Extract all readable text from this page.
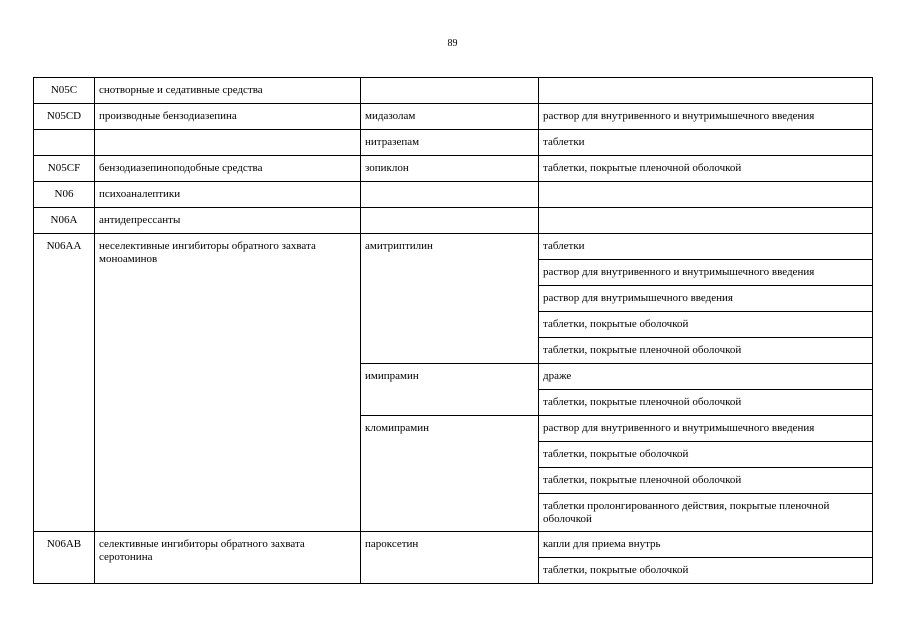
89
N05C	снотворные и седативные средства		
N05CD	производные бензодиазепина	мидазолам	раствор для внутривенного и внутримышечного введения
		нитразепам	таблетки
N05CF	бензодиазепиноподобные средства	зопиклон	таблетки, покрытые пленочной оболочкой
N06	психоаналептики		
N06A	антидепрессанты		
N06AA	неселективные ингибиторы обратного захвата моноаминов	амитриптилин	таблетки
			раствор для внутривенного и внутримышечного введения
			раствор для внутримышечного введения
			таблетки, покрытые оболочкой
			таблетки, покрытые пленочной оболочкой
		имипрамин	драже
			таблетки, покрытые пленочной оболочкой
		кломипрамин	раствор для внутривенного и внутримышечного введения
			таблетки, покрытые оболочкой
			таблетки, покрытые пленочной оболочкой
			таблетки пролонгированного действия, покрытые пленочной оболочкой
N06AB	селективные ингибиторы обратного захвата серотонина	пароксетин	капли для приема внутрь
			таблетки, покрытые оболочкой
